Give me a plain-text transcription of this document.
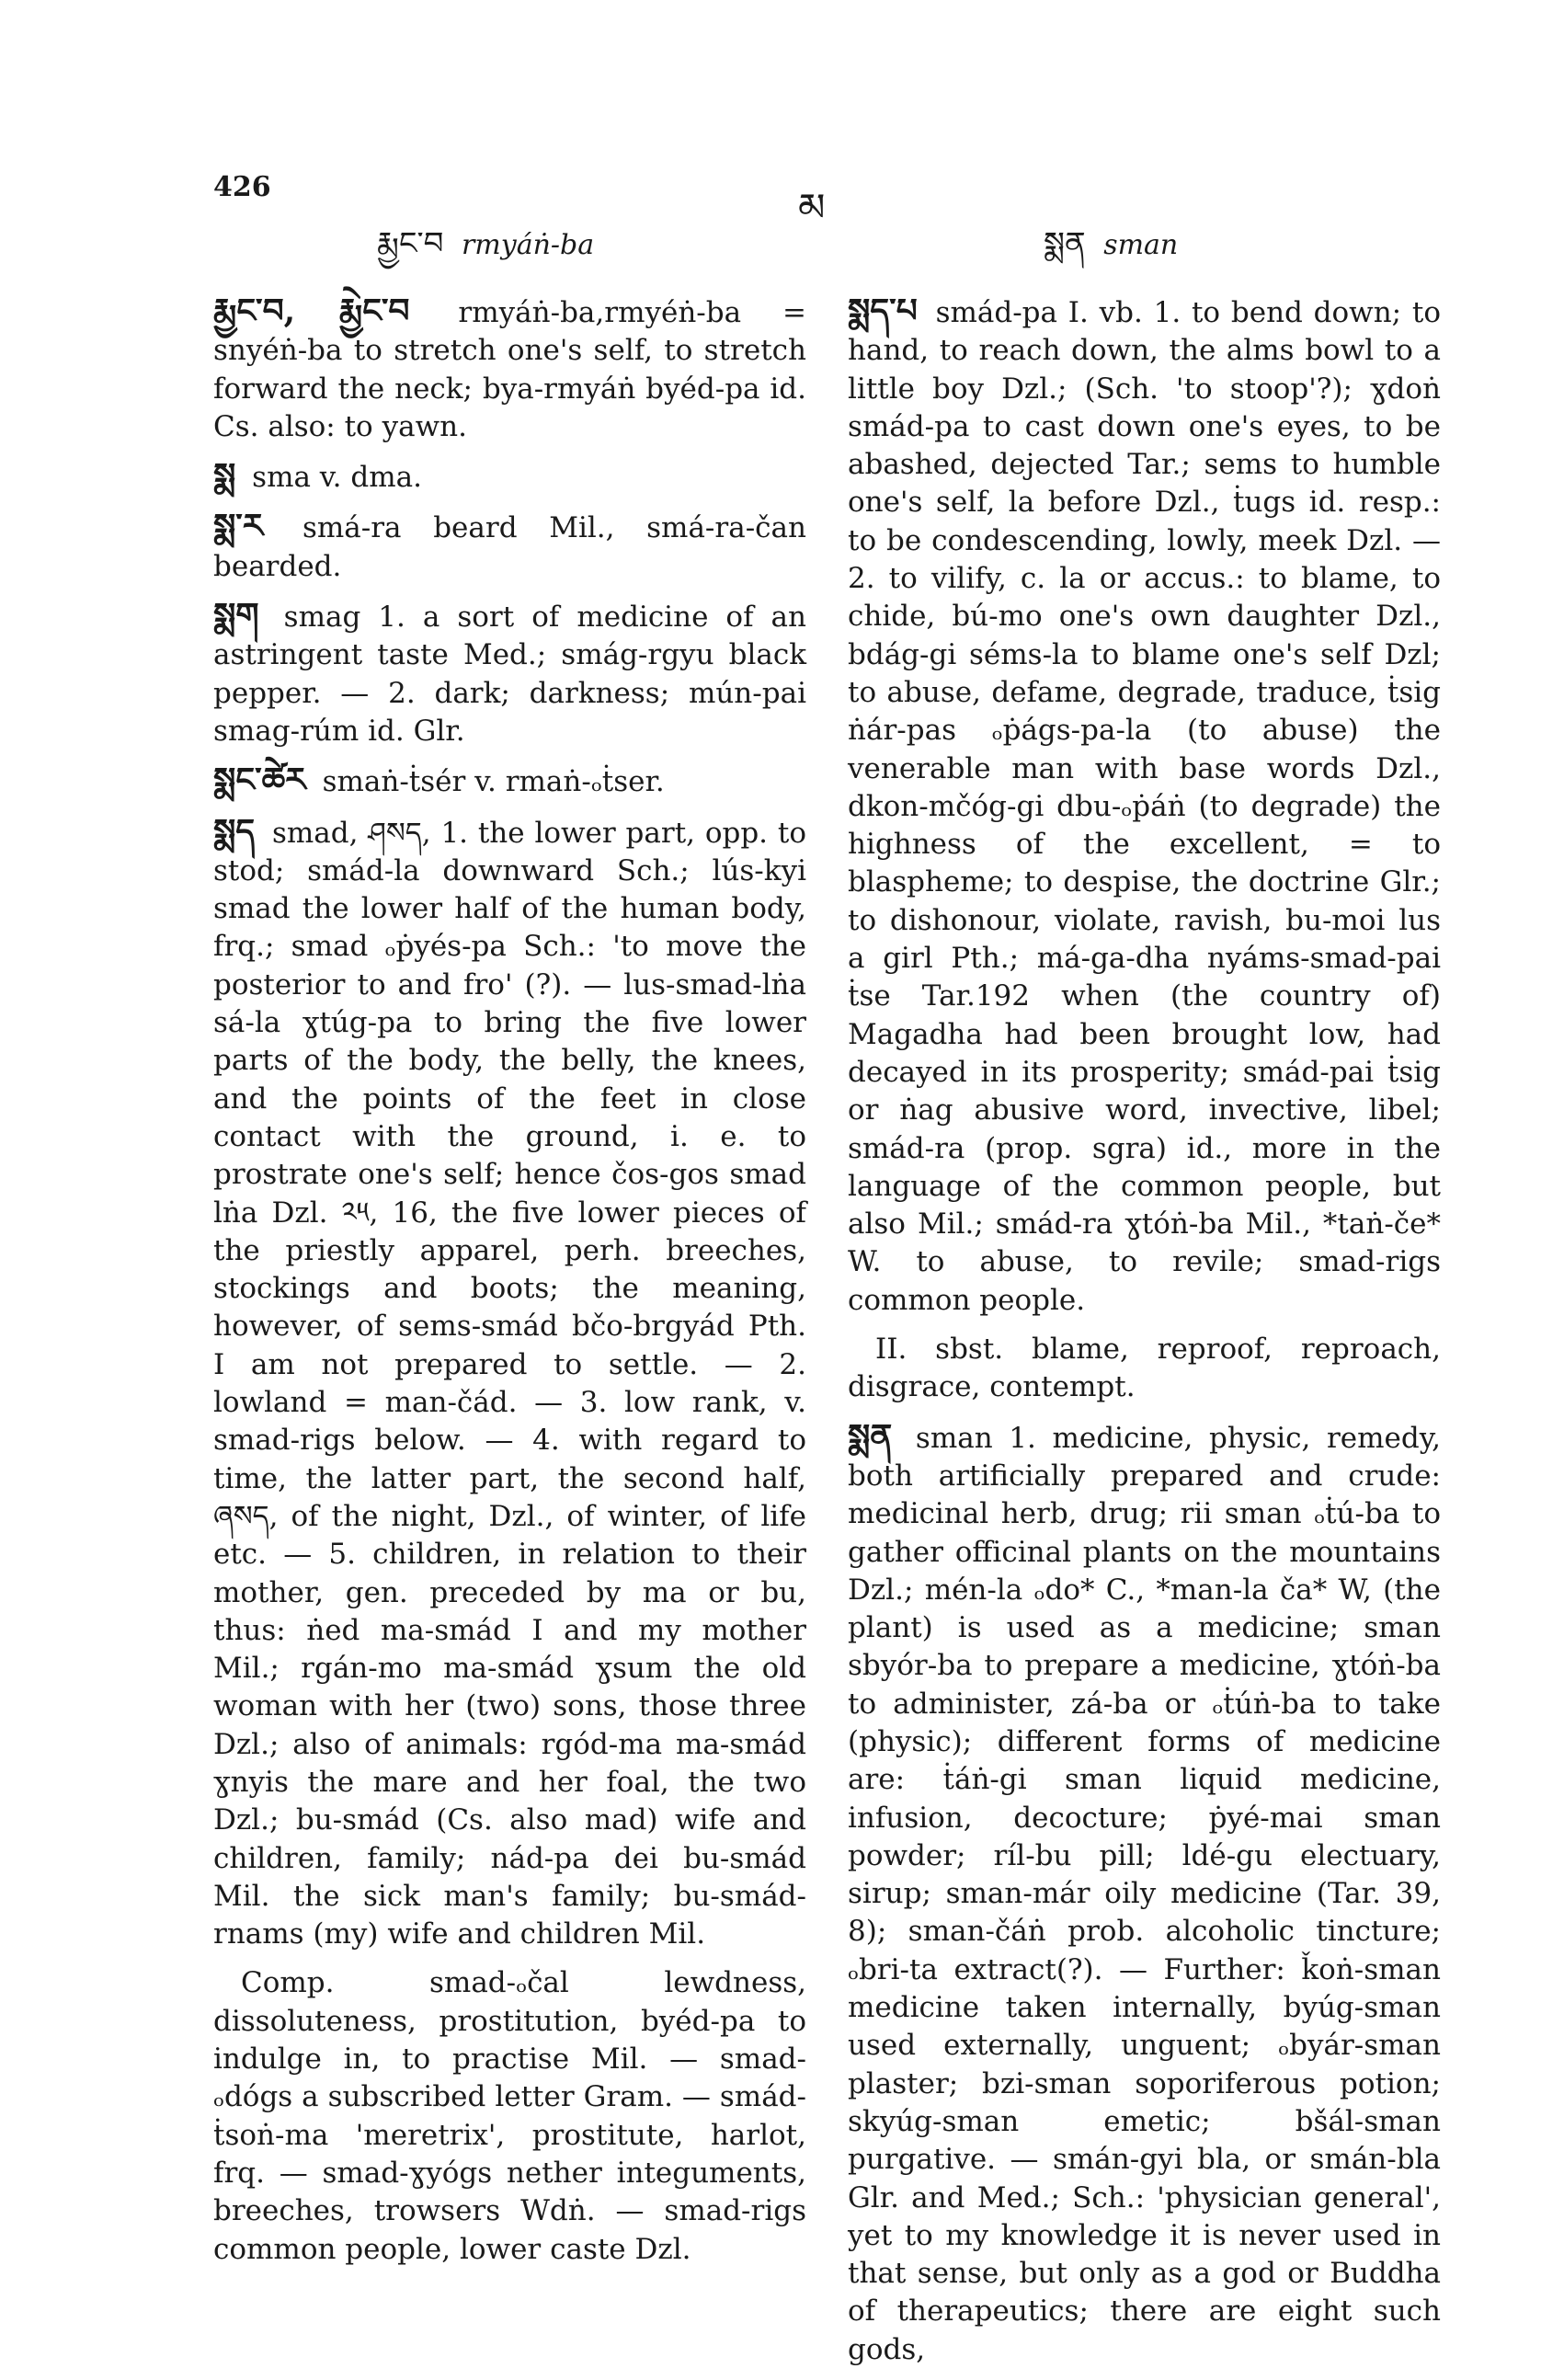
426	མ
རྨྱང་བ rmyáṅ-ba	སྨན sman

རྨྱང་བ, རྨྱེང་བ rmyáṅ-ba,rmyéṅ-ba = snyéṅ-ba to stretch one's self, to stretch forward the neck; bya-rmyáṅ byéd-pa id. Cs. also: to yawn.

སྨ sma v. dma.

སྨ་ར smá-ra beard Mil., smá-ra-čan bearded.

སྨག smag 1. a sort of medicine of an astringent taste Med.; smág-rgyu black pepper. — 2. dark; darkness; mún-pai smag-rúm id. Glr.

སྨང་ཚེར smaṅ-ṫsér v. rmaṅ-ₒṫser.

སྨད smad, ཤསད, 1. the lower part, opp. to stod; smád-la downward Sch.; lús-kyi smad the lower half of the human body, frq.; smad ₒṗyés-pa Sch.: 'to move the posterior to and fro' (?). — lus-smad-lṅa sá-la ɣtúg-pa to bring the five lower parts of the body, the belly, the knees, and the points of the feet in close contact with the ground, i. e. to prostrate one's self; hence čos-gos smad lṅa Dzl. ༢༥, 16, the five lower pieces of the priestly apparel, perh. breeches, stockings and boots; the meaning, however, of sems-smád bčo-brgyád Pth. I am not prepared to settle. — 2. lowland = man-čád. — 3. low rank, v. smad-rigs below. — 4. with regard to time, the latter part, the second half, ཞསད, of the night, Dzl., of winter, of life etc. — 5. children, in relation to their mother, gen. preceded by ma or bu, thus: ṅed ma-smád I and my mother Mil.; rgán-mo ma-smád ɣsum the old woman with her (two) sons, those three Dzl.; also of animals: rgód-ma ma-smád ɣnyis the mare and her foal, the two Dzl.; bu-smád (Cs. also mad) wife and children, family; nád-pa dei bu-smád Mil. the sick man's family; bu-smád-rnams (my) wife and children Mil.

Comp. smad-ₒčal lewdness, dissoluteness, prostitution, byéd-pa to indulge in, to practise Mil. — smad-ₒdógs a subscribed letter Gram. — smád-ṫsoṅ-ma 'meretrix', prostitute, harlot, frq. — smad-ɣyógs nether integuments, breeches, trowsers Wdṅ. — smad-rigs common people, lower caste Dzl.

སྨད་པ smád-pa I. vb. 1. to bend down; to hand, to reach down, the alms bowl to a little boy Dzl.; (Sch. 'to stoop'?); ɣdoṅ smád-pa to cast down one's eyes, to be abashed, dejected Tar.; sems to humble one's self, la before Dzl., ṫugs id. resp.: to be condescending, lowly, meek Dzl. — 2. to vilify, c. la or accus.: to blame, to chide, bú-mo one's own daughter Dzl., bdág-gi séms-la to blame one's self Dzl; to abuse, defame, degrade, traduce, ṫsig ṅár-pas ₒṗágs-pa-la (to abuse) the venerable man with base words Dzl., dkon-mčóg-gi dbu-ₒṗáṅ (to degrade) the highness of the excellent, = to blaspheme; to despise, the doctrine Glr.; to dishonour, violate, ravish, bu-moi lus a girl Pth.; má-ga-dha nyáms-smad-pai ṫse Tar.192 when (the country of) Magadha had been brought low, had decayed in its prosperity; smád-pai ṫsig or ṅag abusive word, invective, libel; smád-ra (prop. sgra) id., more in the language of the common people, but also Mil.; smád-ra ɣtóṅ-ba Mil., *taṅ-če* W. to abuse, to revile; smad-rigs common people.

II. sbst. blame, reproof, reproach, disgrace, contempt.

སྨན sman 1. medicine, physic, remedy, both artificially prepared and crude: medicinal herb, drug; rii sman ₒṫú-ba to gather officinal plants on the mountains Dzl.; mén-la ₒdo* C., *man-la ča* W, (the plant) is used as a medicine; sman sbyór-ba to prepare a medicine, ɣtóṅ-ba to administer, zá-ba or ₒṫúṅ-ba to take (physic); different forms of medicine are: ṫáṅ-gi sman liquid medicine, infusion, decocture; ṗyé-mai sman powder; ríl-bu pill; ldé-gu electuary, sirup; sman-már oily medicine (Tar. 39, 8); sman-čáṅ prob. alcoholic tincture; ₒbri-ta extract(?). — Further: ǩoṅ-sman medicine taken internally, byúg-sman used externally, unguent; ₒbyár-sman plaster; bzi-sman soporiferous potion; skyúg-sman emetic; bšál-sman purgative. — smán-gyi bla, or smán-bla Glr. and Med.; Sch.: 'physician general', yet to my knowledge it is never used in that sense, but only as a god or Buddha of therapeutics; there are eight such gods,
